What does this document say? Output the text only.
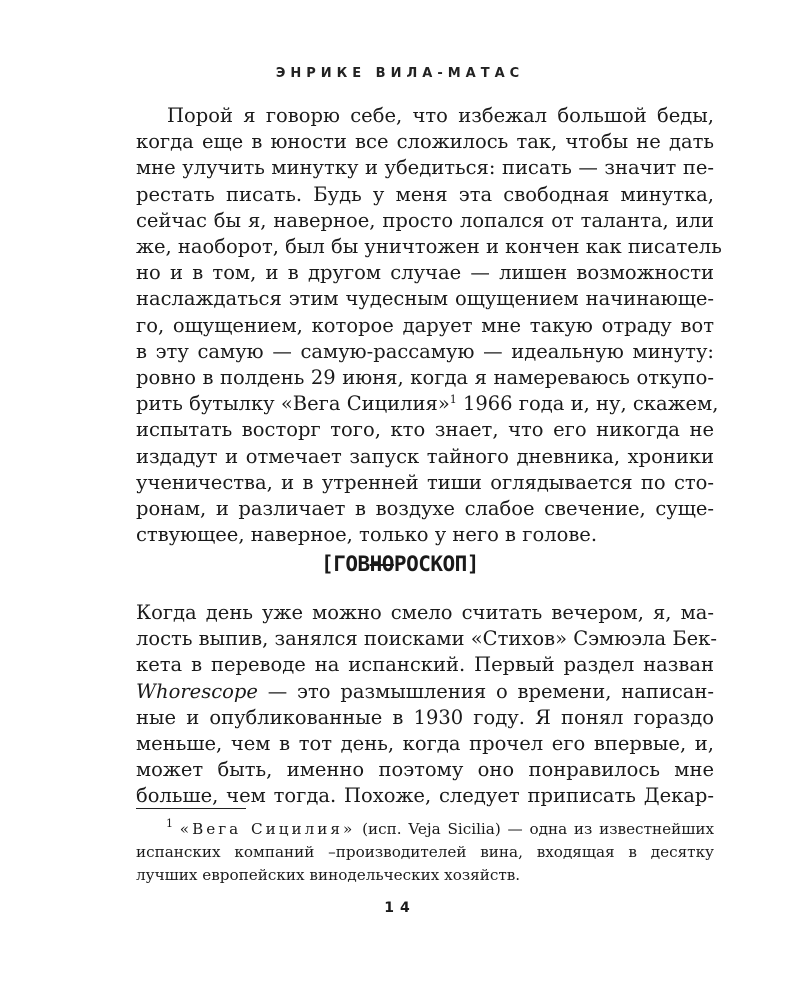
ЭНРИКЕ ВИЛА-МАТАС
Порой я говорю себе, что избежал большой беды,
когда еще в юности все сложилось так, чтобы не дать
мне улучить минутку и убедиться: писать — значит пе-
рестать писать. Будь у меня эта свободная минутка,
сейчас бы я, наверное, просто лопался от таланта, или
же, наоборот, был бы уничтожен и кончен как писатель
но и в том, и в другом случае — лишен возможности
наслаждаться этим чудесным ощущением начинающе-
го, ощущением, которое дарует мне такую отраду вот
в эту самую — самую-рассамую — идеальную минуту:
ровно в полдень 29 июня, когда я намереваюсь откупо-
рить бутылку «Вега Сицилия»$^1$ 1966 года и, ну, скажем,
испытать восторг того, кто знает, что его никогда не
издадут и отмечает запуск тайного дневника, хроники
ученичества, и в утренней тиши оглядывается по сто-
ронам, и различает в воздухе слабое свечение, суще-
ствующее, наверное, только у него в голове.
[ГОВНОРОСКОП]
Когда день уже можно смело считать вечером, я, ма-
лость выпив, занялся поисками «Стихов» Сэмюэла Бек-
кета в переводе на испанский. Первый раздел назван
Whorescope — это размышления о времени, написан-
ные и опубликованные в 1930 году. Я понял гораздо
меньше, чем в тот день, когда прочел его впервые, и,
может быть, именно поэтому оно понравилось мне
больше, чем тогда. Похоже, следует приписать Декар-
$^1$ «Вега Сицилия» (исп. Veja Sicilia) — одна из известнейших
испанских компаний –производителей вина, входящая в десятку
лучших европейских винодельческих хозяйств.
14
